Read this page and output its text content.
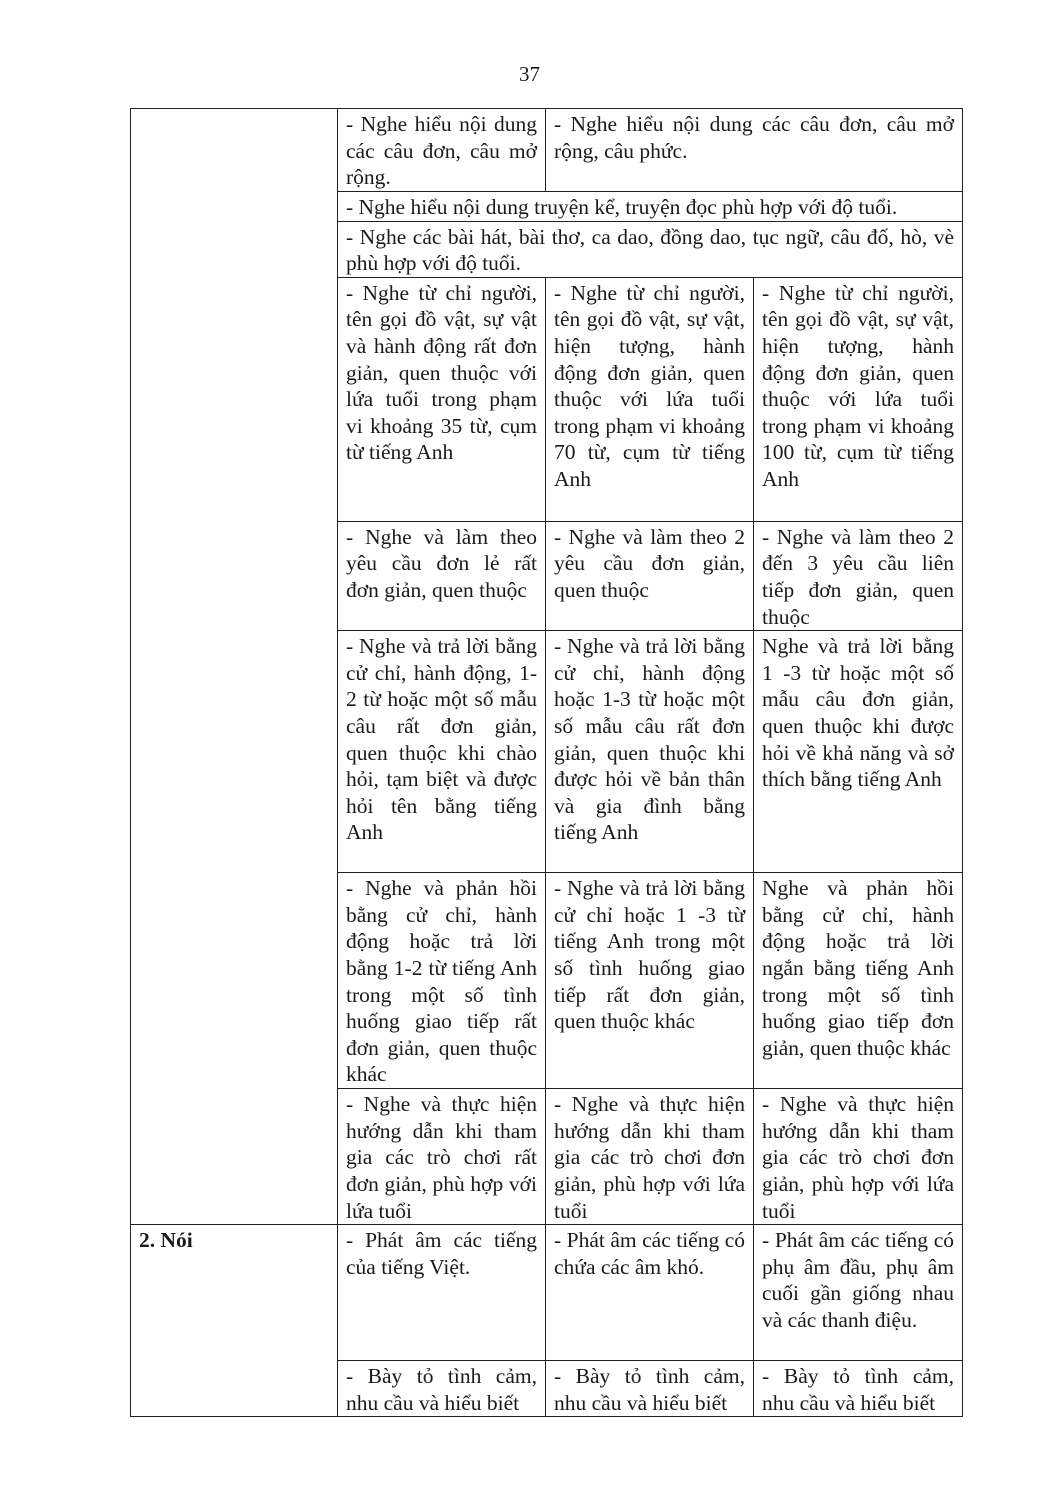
37
	- Nghe hiểu nội dung các câu đơn, câu mở rộng.	- Nghe hiểu nội dung các câu đơn, câu mở rộng, câu phức.	
	- Nghe hiểu nội dung truyện kể, truyện đọc phù hợp với độ tuổi.		
	- Nghe các bài hát, bài thơ, ca dao, đồng dao, tục ngữ, câu đố, hò, vè phù hợp với độ tuổi.		
	- Nghe từ chỉ người, tên gọi đồ vật, sự vật và hành động rất đơn giản, quen thuộc với lứa tuổi trong phạm vi khoảng 35 từ, cụm từ tiếng Anh	- Nghe từ chỉ người, tên gọi đồ vật, sự vật, hiện tượng, hành động đơn giản, quen thuộc với lứa tuổi trong phạm vi khoảng 70 từ, cụm từ tiếng Anh	- Nghe từ chỉ người, tên gọi đồ vật, sự vật, hiện tượng, hành động đơn giản, quen thuộc với lứa tuổi trong phạm vi khoảng 100 từ, cụm từ tiếng Anh
	- Nghe và làm theo yêu cầu đơn lẻ rất đơn giản, quen thuộc	- Nghe và làm theo 2 yêu cầu đơn giản, quen thuộc	- Nghe và làm theo 2 đến 3 yêu cầu liên tiếp đơn giản, quen thuộc
	- Nghe và trả lời bằng cử chỉ, hành động, 1-2 từ hoặc một số mẫu câu rất đơn giản, quen thuộc khi chào hỏi, tạm biệt và được hỏi tên bằng tiếng Anh	- Nghe và trả lời bằng cử chỉ, hành động hoặc 1-3 từ hoặc một số mẫu câu rất đơn giản, quen thuộc khi được hỏi về bản thân và gia đình bằng tiếng Anh	Nghe và trả lời bằng 1 -3 từ hoặc một số mẫu câu đơn giản, quen thuộc khi được hỏi về khả năng và sở thích bằng tiếng Anh
	- Nghe và phản hồi bằng cử chỉ, hành động hoặc trả lời bằng 1-2 từ tiếng Anh trong một số tình huống giao tiếp rất đơn giản, quen thuộc khác	- Nghe và trả lời bằng cử chỉ hoặc 1 -3 từ tiếng Anh trong một số tình huống giao tiếp rất đơn giản, quen thuộc khác	Nghe và phản hồi bằng cử chỉ, hành động hoặc trả lời ngắn bằng tiếng Anh trong một số tình huống giao tiếp đơn giản, quen thuộc khác
	- Nghe và thực hiện hướng dẫn khi tham gia các trò chơi rất đơn giản, phù hợp với lứa tuổi	- Nghe và thực hiện hướng dẫn khi tham gia các trò chơi đơn giản, phù hợp với lứa tuổi	- Nghe và thực hiện hướng dẫn khi tham gia các trò chơi đơn giản, phù hợp với lứa tuổi
2. Nói	- Phát âm các tiếng của tiếng Việt.	- Phát âm các tiếng có chứa các âm khó.	- Phát âm các tiếng có phụ âm đầu, phụ âm cuối gần giống nhau và các thanh điệu.
	- Bày tỏ tình cảm, nhu cầu và hiểu biết	- Bày tỏ tình cảm, nhu cầu và hiểu biết	- Bày tỏ tình cảm, nhu cầu và hiểu biết
